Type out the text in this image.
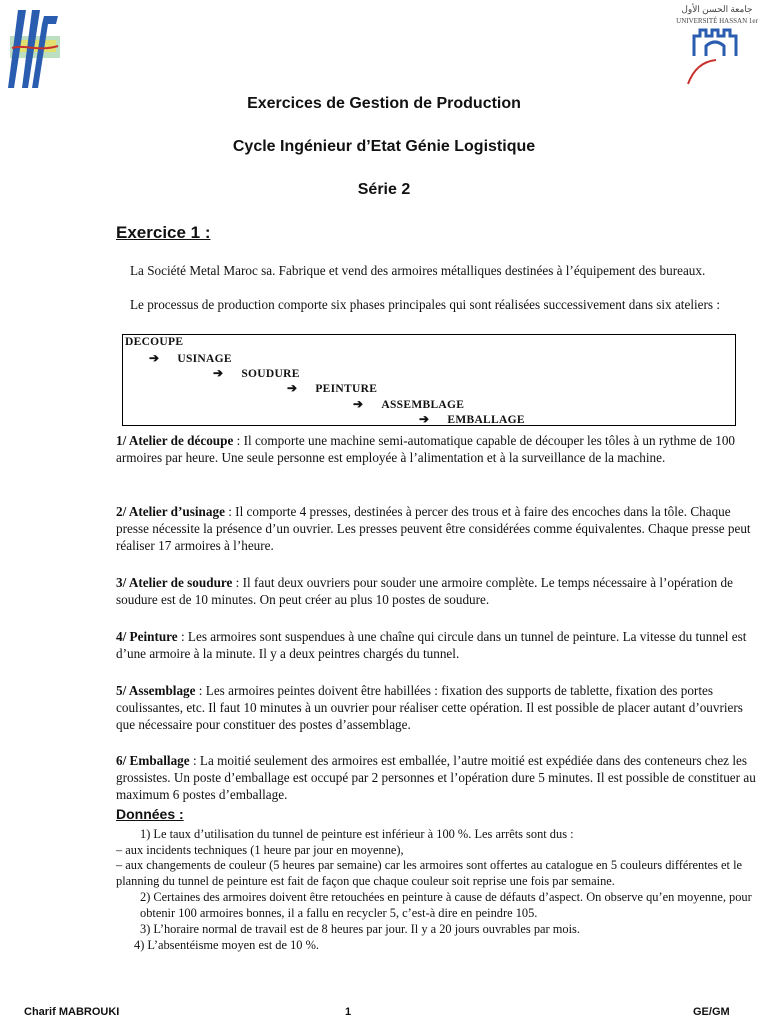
جامعة الحسن الأول
UNIVERSITÉ HASSAN 1er
Exercices de Gestion de Production
Cycle Ingénieur d’Etat Génie Logistique
Série 2
Exercice 1 :

La Société Metal Maroc sa. Fabrique et vend des armoires métalliques destinées à l’équipement des bureaux.

Le processus de production comporte six phases principales qui sont réalisées successivement dans six ateliers :

DECOUPE
➔ USINAGE
➔ SOUDURE
➔ PEINTURE
➔ ASSEMBLAGE
➔ EMBALLAGE

1/ Atelier de découpe : Il comporte une machine semi-automatique capable de découper les tôles à un rythme de 100 armoires par heure. Une seule personne est employée à l’alimentation et à la surveillance de la machine.

2/ Atelier d’usinage : Il comporte 4 presses, destinées à percer des trous et à faire des encoches dans la tôle. Chaque presse nécessite la présence d’un ouvrier. Les presses peuvent être considérées comme équivalentes. Chaque presse peut réaliser 17 armoires à l’heure.

3/ Atelier de soudure : Il faut deux ouvriers pour souder une armoire complète. Le temps nécessaire à l’opération de soudure est de 10 minutes. On peut créer au plus 10 postes de soudure.

4/ Peinture : Les armoires sont suspendues à une chaîne qui circule dans un tunnel de peinture. La vitesse du tunnel est d’une armoire à la minute. Il y a deux peintres chargés du tunnel.

5/ Assemblage : Les armoires peintes doivent être habillées : fixation des supports de tablette, fixation des portes coulissantes, etc. Il faut 10 minutes à un ouvrier pour réaliser cette opération. Il est possible de placer autant d’ouvriers que nécessaire pour constituer des postes d’assemblage.

6/ Emballage : La moitié seulement des armoires est emballée, l’autre moitié est expédiée dans des conteneurs chez les grossistes. Un poste d’emballage est occupé par 2 personnes et l’opération dure 5 minutes. Il est possible de constituer au maximum 6 postes d’emballage.

Données :

1) Le taux d’utilisation du tunnel de peinture est inférieur à 100 %. Les arrêts sont dus :

– aux incidents techniques (1 heure par jour en moyenne),

– aux changements de couleur (5 heures par semaine) car les armoires sont offertes au catalogue en 5 couleurs différentes et le planning du tunnel de peinture est fait de façon que chaque couleur soit reprise une fois par semaine.

2) Certaines des armoires doivent être retouchées en peinture à cause de défauts d’aspect. On observe qu’en moyenne, pour obtenir 100 armoires bonnes, il a fallu en recycler 5, c’est-à dire en peindre 105.

3) L’horaire normal de travail est de 8 heures par jour. Il y a 20 jours ouvrables par mois.

4) L’absentéisme moyen est de 10 %.

Charif MABROUKI	1	GE/GM
